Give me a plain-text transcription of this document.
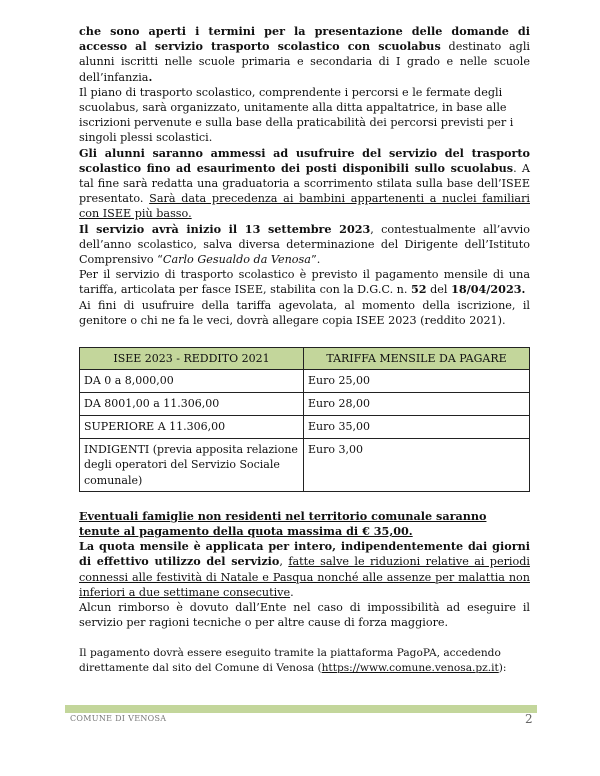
che sono aperti i termini per la presentazione delle domande di accesso al servizio trasporto scolastico con scuolabus destinato agli alunni iscritti nelle scuole primaria e secondaria di I grado e nelle scuole dell’infanzia.

Il piano di trasporto scolastico, comprendente i percorsi e le fermate degli scuolabus, sarà organizzato, unitamente alla ditta appaltatrice, in base alle iscrizioni pervenute e sulla base della praticabilità dei percorsi previsti per i singoli plessi scolastici.

Gli alunni saranno ammessi ad usufruire del servizio del trasporto scolastico fino ad esaurimento dei posti disponibili sullo scuolabus. A tal fine sarà redatta una graduatoria a scorrimento stilata sulla base dell’ISEE presentato. Sarà data precedenza ai bambini appartenenti a nuclei familiari con ISEE più basso.

Il servizio avrà inizio il 13 settembre 2023, contestualmente all’avvio dell’anno scolastico, salva diversa determinazione del Dirigente dell’Istituto Comprensivo “Carlo Gesualdo da Venosa”.

Per il servizio di trasporto scolastico è previsto il pagamento mensile di una tariffa, articolata per fasce ISEE, stabilita con la D.G.C. n. 52 del 18/04/2023.

Ai fini di usufruire della tariffa agevolata, al momento della iscrizione, il genitore o chi ne fa le veci, dovrà allegare copia ISEE 2023 (reddito 2021).

ISEE 2023 - REDDITO 2021	TARIFFA MENSILE DA PAGARE
DA 0 a 8,000,00	Euro 25,00
DA 8001,00 a 11.306,00	Euro 28,00
SUPERIORE A 11.306,00	Euro 35,00
INDIGENTI (previa apposita relazione degli operatori del Servizio Sociale comunale)	Euro 3,00

Eventuali famiglie non residenti nel territorio comunale saranno tenute al pagamento della quota massima di € 35,00.

La quota mensile è applicata per intero, indipendentemente dai giorni di effettivo utilizzo del servizio, fatte salve le riduzioni relative ai periodi connessi alle festività di Natale e Pasqua nonché alle assenze per malattia non inferiori a due settimane consecutive.

Alcun rimborso è dovuto dall’Ente nel caso di impossibilità ad eseguire il servizio per ragioni tecniche o per altre cause di forza maggiore.

Il pagamento dovrà essere eseguito tramite la piattaforma PagoPA, accedendo direttamente dal sito del Comune di Venosa (https://www.comune.venosa.pz.it):

COMUNE DI VENOSA	2
